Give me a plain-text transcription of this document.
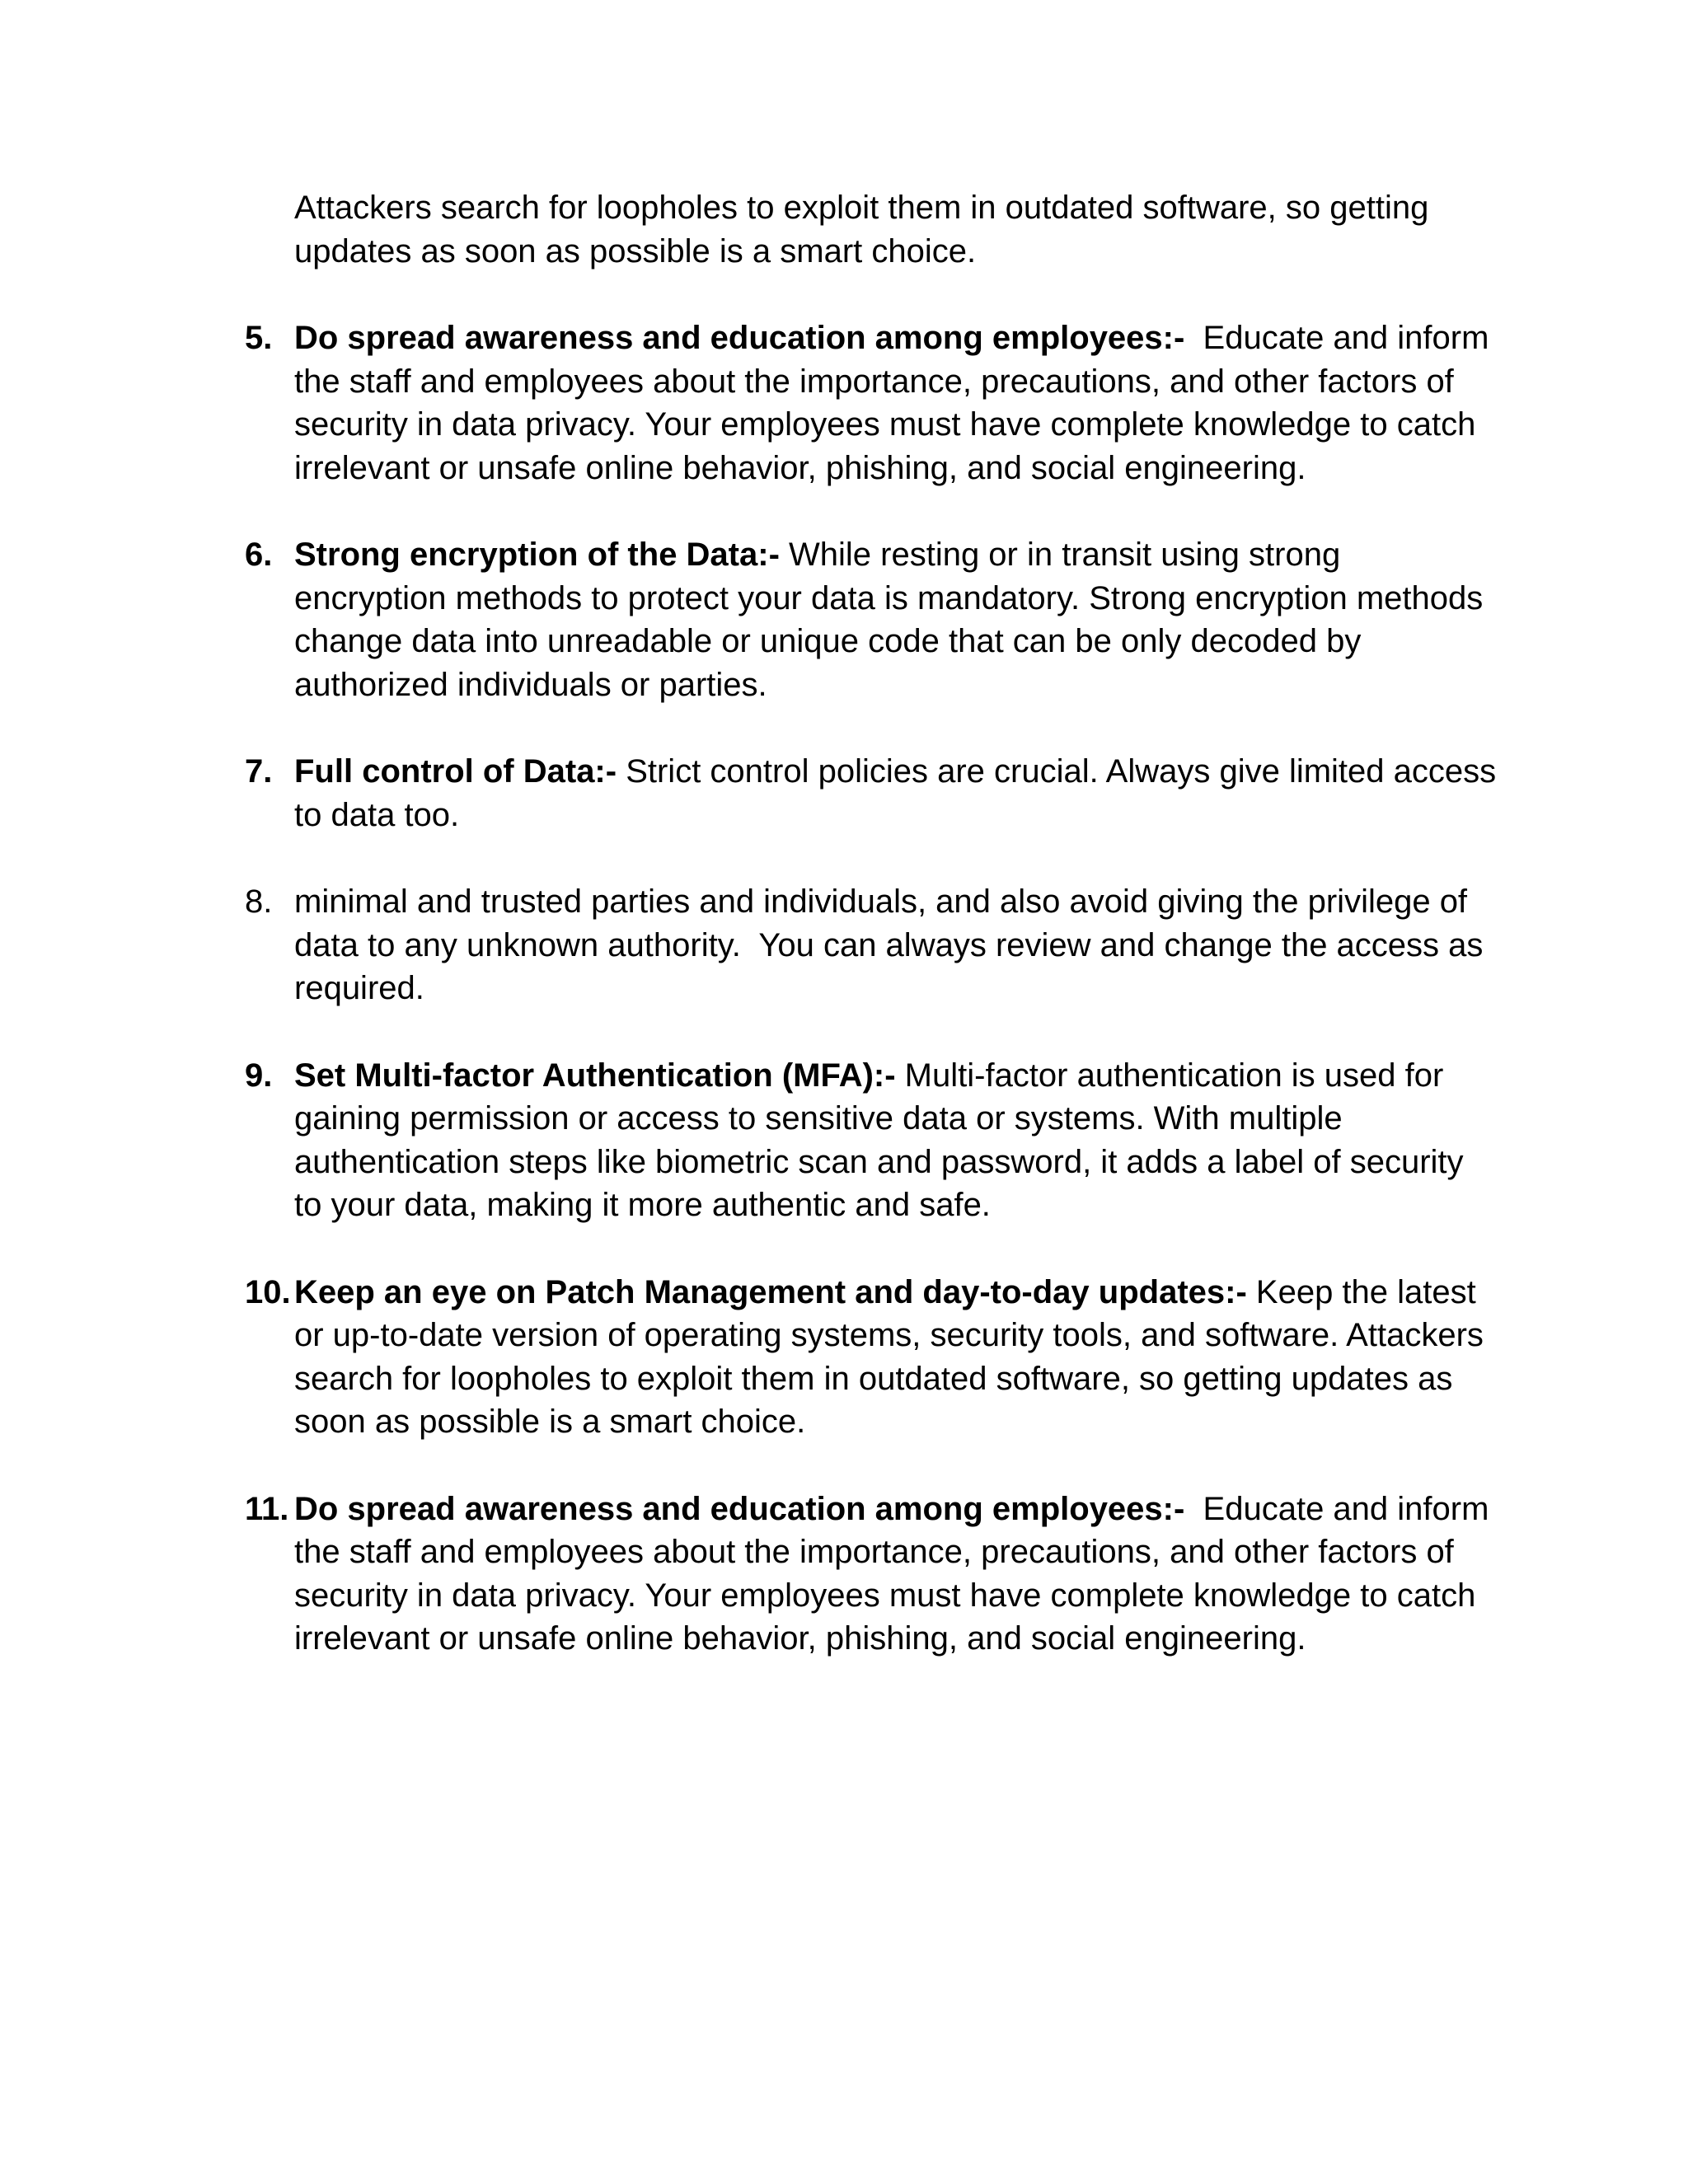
Attackers search for loopholes to exploit them in outdated software, so getting updates as soon as possible is a smart choice.
5. Do spread awareness and education among employees:-  Educate and inform the staff and employees about the importance, precautions, and other factors of security in data privacy. Your employees must have complete knowledge to catch irrelevant or unsafe online behavior, phishing, and social engineering.
6. Strong encryption of the Data:- While resting or in transit using strong encryption methods to protect your data is mandatory. Strong encryption methods change data into unreadable or unique code that can be only decoded by authorized individuals or parties.
7. Full control of Data:- Strict control policies are crucial. Always give limited access to data too.
8. minimal and trusted parties and individuals, and also avoid giving the privilege of data to any unknown authority.  You can always review and change the access as required.
9. Set Multi-factor Authentication (MFA):- Multi-factor authentication is used for gaining permission or access to sensitive data or systems. With multiple authentication steps like biometric scan and password, it adds a label of security to your data, making it more authentic and safe.
10. Keep an eye on Patch Management and day-to-day updates:- Keep the latest or up-to-date version of operating systems, security tools, and software. Attackers search for loopholes to exploit them in outdated software, so getting updates as soon as possible is a smart choice.
11. Do spread awareness and education among employees:-  Educate and inform the staff and employees about the importance, precautions, and other factors of security in data privacy. Your employees must have complete knowledge to catch irrelevant or unsafe online behavior, phishing, and social engineering.
